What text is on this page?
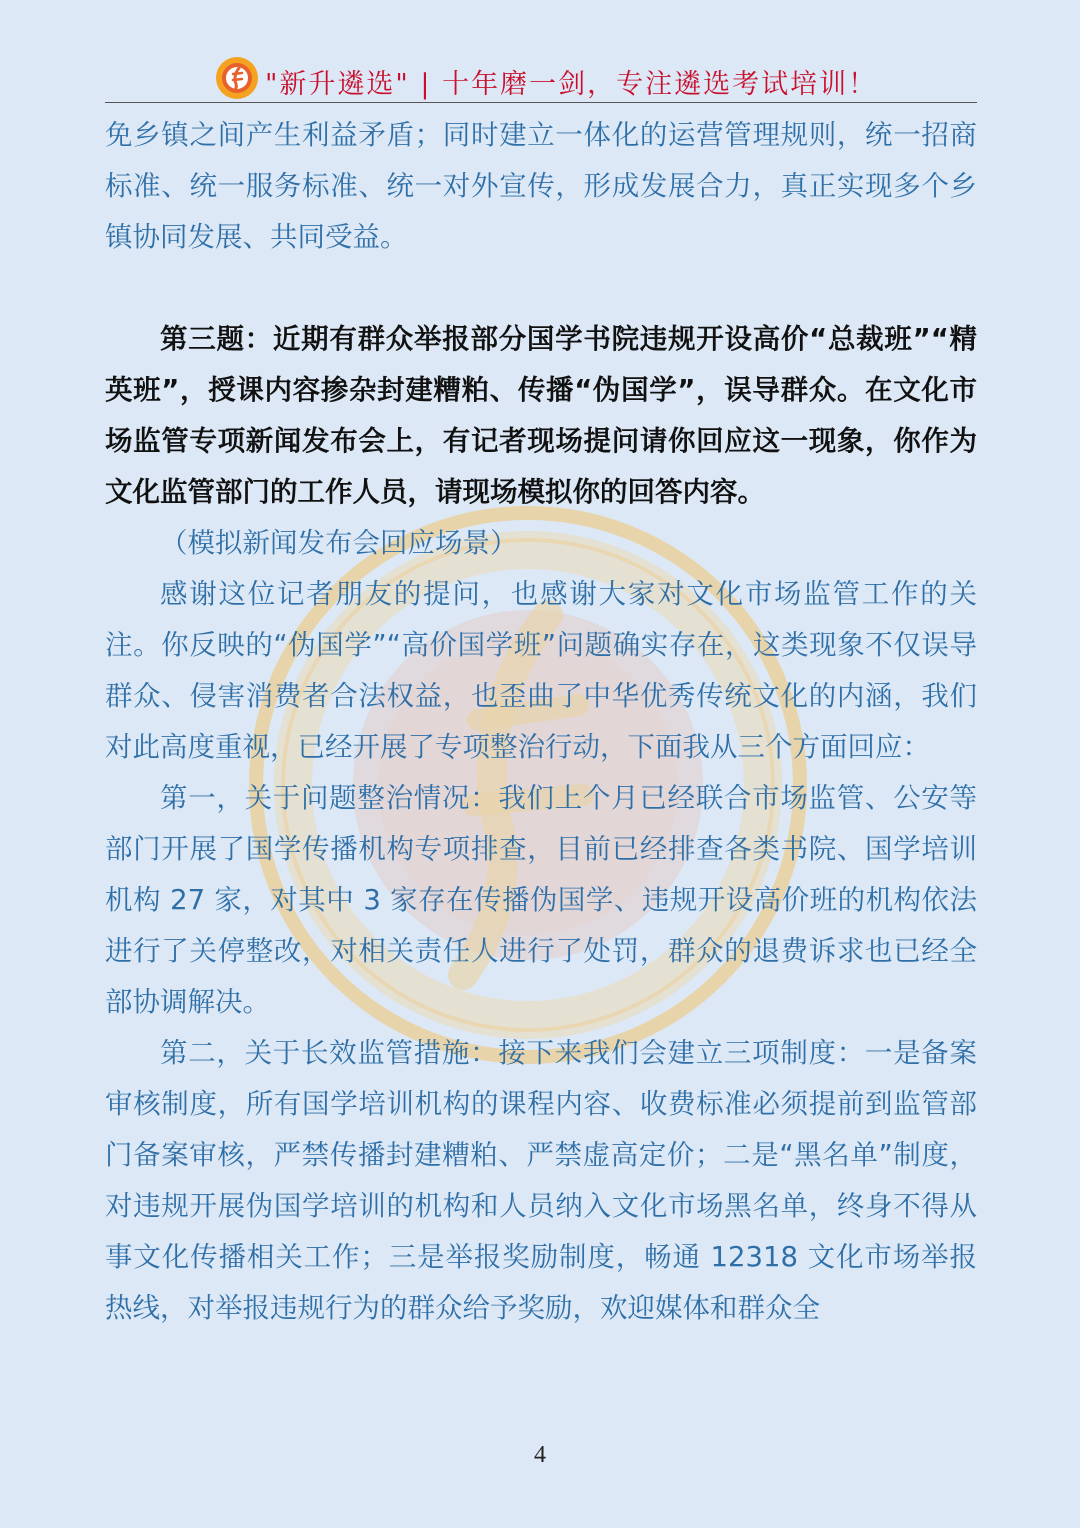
"新升遴选" | 十年磨一剑，专注遴选考试培训！

免乡镇之间产生利益矛盾；同时建立一体化的运营管理规则，统一招商标准、统一服务标准、统一对外宣传，形成发展合力，真正实现多个乡镇协同发展、共同受益。

第三题：近期有群众举报部分国学书院违规开设高价“总裁班”“精英班”，授课内容掺杂封建糟粕、传播“伪国学”，误导群众。在文化市场监管专项新闻发布会上，有记者现场提问请你回应这一现象，你作为文化监管部门的工作人员，请现场模拟你的回答内容。

（模拟新闻发布会回应场景）

感谢这位记者朋友的提问，也感谢大家对文化市场监管工作的关注。你反映的“伪国学”“高价国学班”问题确实存在，这类现象不仅误导群众、侵害消费者合法权益，也歪曲了中华优秀传统文化的内涵，我们对此高度重视，已经开展了专项整治行动，下面我从三个方面回应：

第一，关于问题整治情况：我们上个月已经联合市场监管、公安等部门开展了国学传播机构专项排查，目前已经排查各类书院、国学培训机构 27 家，对其中 3 家存在传播伪国学、违规开设高价班的机构依法进行了关停整改，对相关责任人进行了处罚，群众的退费诉求也已经全部协调解决。

第二，关于长效监管措施：接下来我们会建立三项制度：一是备案审核制度，所有国学培训机构的课程内容、收费标准必须提前到监管部门备案审核，严禁传播封建糟粕、严禁虚高定价；二是“黑名单”制度，对违规开展伪国学培训的机构和人员纳入文化市场黑名单，终身不得从事文化传播相关工作；三是举报奖励制度，畅通 12318 文化市场举报热线，对举报违规行为的群众给予奖励，欢迎媒体和群众全

4
